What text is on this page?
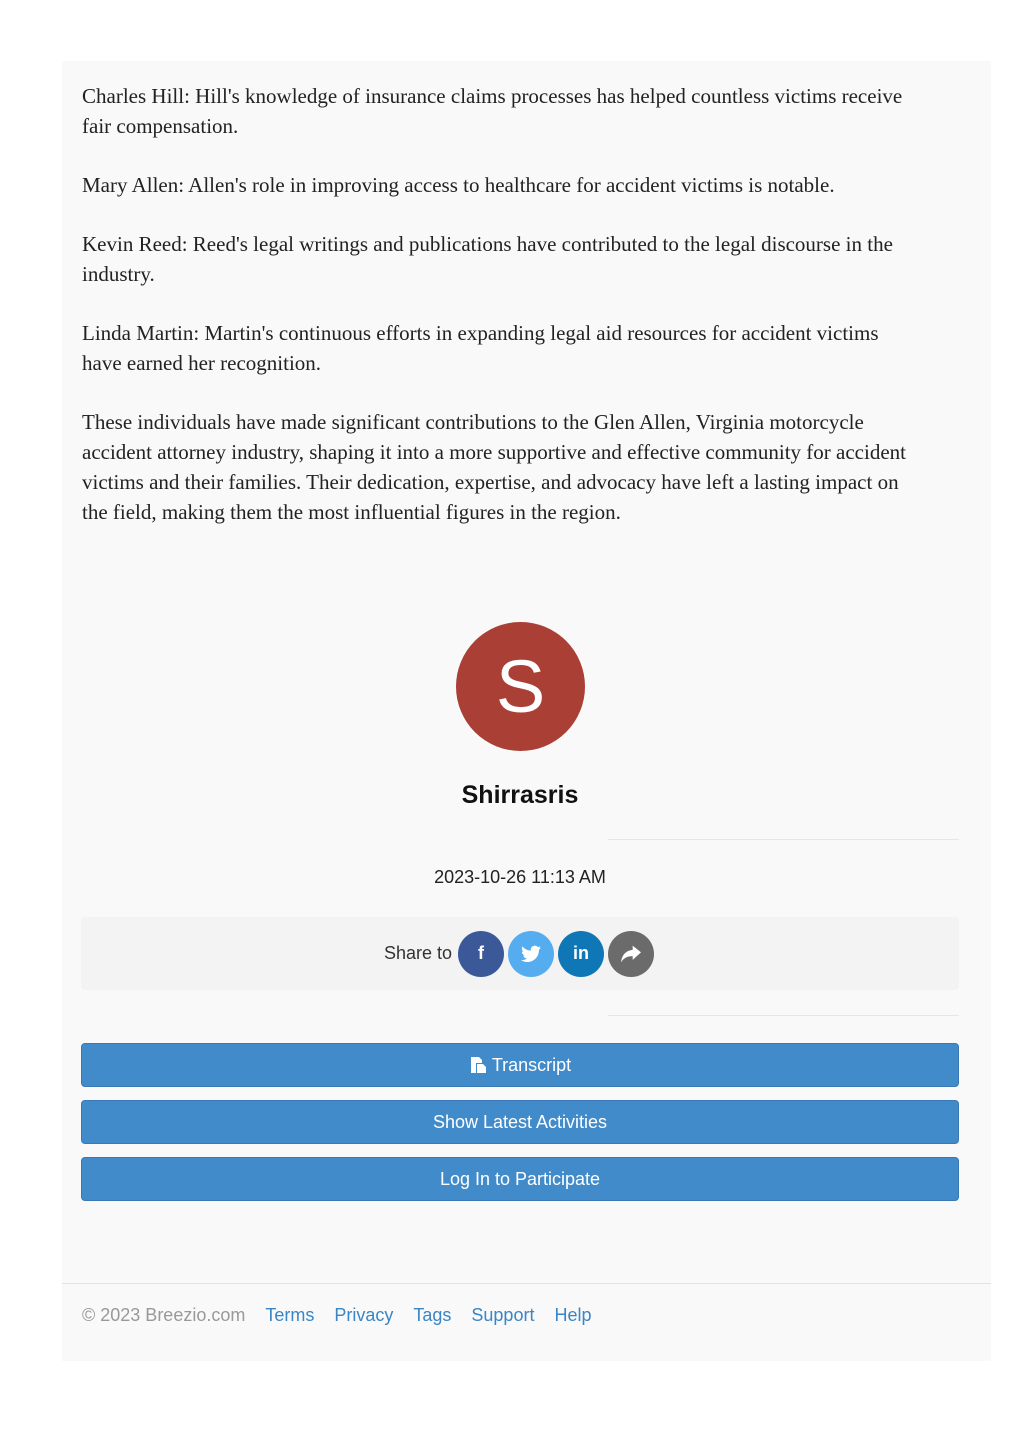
Charles Hill: Hill's knowledge of insurance claims processes has helped countless victims receive fair compensation.

Mary Allen: Allen's role in improving access to healthcare for accident victims is notable.

Kevin Reed: Reed's legal writings and publications have contributed to the legal discourse in the industry.

Linda Martin: Martin's continuous efforts in expanding legal aid resources for accident victims have earned her recognition.

These individuals have made significant contributions to the Glen Allen, Virginia motorcycle accident attorney industry, shaping it into a more supportive and effective community for accident victims and their families. Their dedication, expertise, and advocacy have left a lasting impact on the field, making them the most influential figures in the region.

S
Shirrasris
2023-10-26 11:13 AM
Share to f	in
Transcript
Show Latest Activities
Log In to Participate
© 2023 Breezio.com Terms Privacy Tags Support Help
